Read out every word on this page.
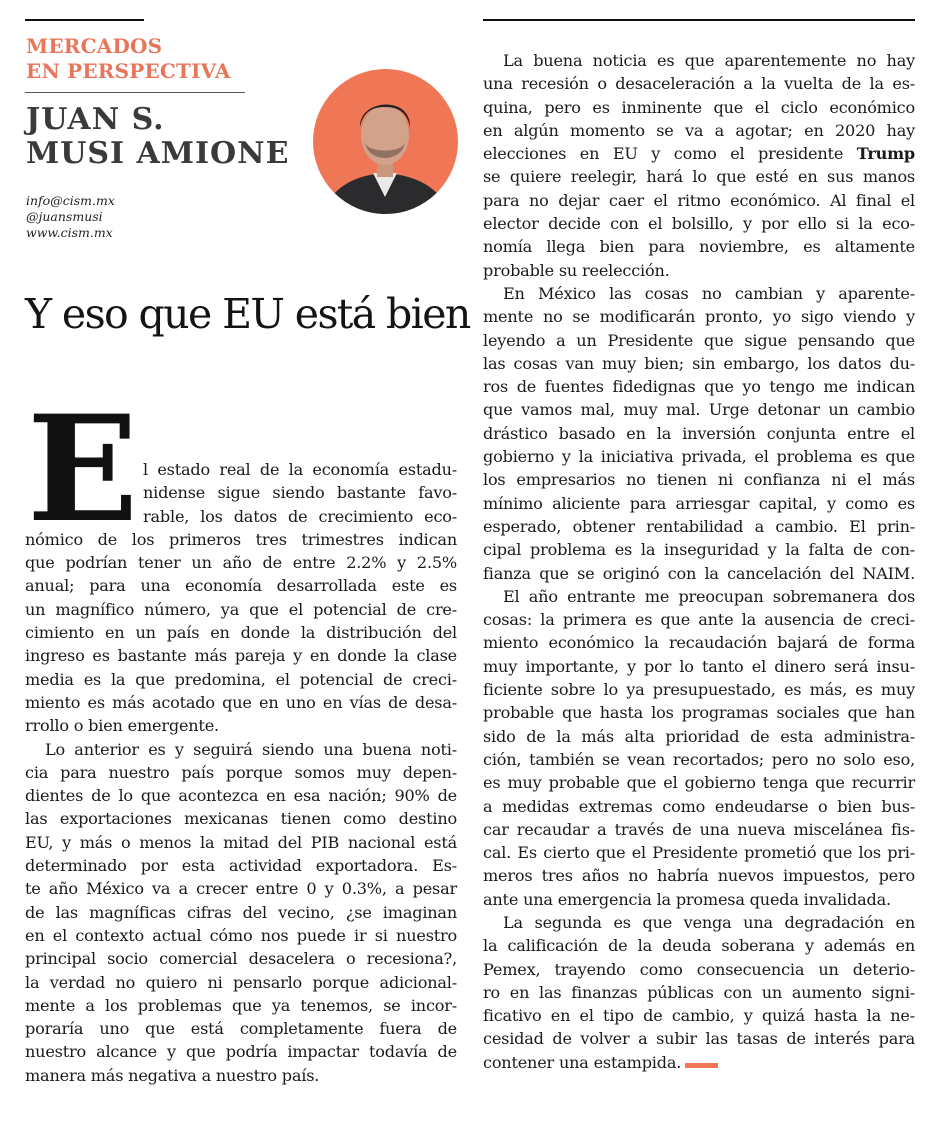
MERCADOS
EN PERSPECTIVA
JUAN S.
MUSI AMIONE
info@cism.mx
@juansmusi
www.cism.mx
Y eso que EU está bien
E l estado real de la economía estadu-
nidense sigue siendo bastante favo-
rable, los datos de crecimiento eco-
nómico de los primeros tres trimestres indican
que podrían tener un año de entre 2.2% y 2.5%
anual; para una economía desarrollada este es
un magnífico número, ya que el potencial de cre-
cimiento en un país en donde la distribución del
ingreso es bastante más pareja y en donde la clase
media es la que predomina, el potencial de creci-
miento es más acotado que en uno en vías de desa-
rrollo o bien emergente.
Lo anterior es y seguirá siendo una buena noti-
cia para nuestro país porque somos muy depen-
dientes de lo que acontezca en esa nación; 90% de
las exportaciones mexicanas tienen como destino
EU, y más o menos la mitad del PIB nacional está
determinado por esta actividad exportadora. Es-
te año México va a crecer entre 0 y 0.3%, a pesar
de las magníficas cifras del vecino, ¿se imaginan
en el contexto actual cómo nos puede ir si nuestro
principal socio comercial desacelera o recesiona?,
la verdad no quiero ni pensarlo porque adicional-
mente a los problemas que ya tenemos, se incor-
poraría uno que está completamente fuera de
nuestro alcance y que podría impactar todavía de
manera más negativa a nuestro país.
La buena noticia es que aparentemente no hay
una recesión o desaceleración a la vuelta de la es-
quina, pero es inminente que el ciclo económico
en algún momento se va a agotar; en 2020 hay
elecciones en EU y como el presidente Trump
se quiere reelegir, hará lo que esté en sus manos
para no dejar caer el ritmo económico. Al final el
elector decide con el bolsillo, y por ello si la eco-
nomía llega bien para noviembre, es altamente
probable su reelección.
En México las cosas no cambian y aparente-
mente no se modificarán pronto, yo sigo viendo y
leyendo a un Presidente que sigue pensando que
las cosas van muy bien; sin embargo, los datos du-
ros de fuentes fidedignas que yo tengo me indican
que vamos mal, muy mal. Urge detonar un cambio
drástico basado en la inversión conjunta entre el
gobierno y la iniciativa privada, el problema es que
los empresarios no tienen ni confianza ni el más
mínimo aliciente para arriesgar capital, y como es
esperado, obtener rentabilidad a cambio. El prin-
cipal problema es la inseguridad y la falta de con-
fianza que se originó con la cancelación del NAIM.
El año entrante me preocupan sobremanera dos
cosas: la primera es que ante la ausencia de creci-
miento económico la recaudación bajará de forma
muy importante, y por lo tanto el dinero será insu-
ficiente sobre lo ya presupuestado, es más, es muy
probable que hasta los programas sociales que han
sido de la más alta prioridad de esta administra-
ción, también se vean recortados; pero no solo eso,
es muy probable que el gobierno tenga que recurrir
a medidas extremas como endeudarse o bien bus-
car recaudar a través de una nueva miscelánea fis-
cal. Es cierto que el Presidente prometió que los pri-
meros tres años no habría nuevos impuestos, pero
ante una emergencia la promesa queda invalidada.
La segunda es que venga una degradación en
la calificación de la deuda soberana y además en
Pemex, trayendo como consecuencia un deterio-
ro en las finanzas públicas con un aumento signi-
ficativo en el tipo de cambio, y quizá hasta la ne-
cesidad de volver a subir las tasas de interés para
contener una estampida.
